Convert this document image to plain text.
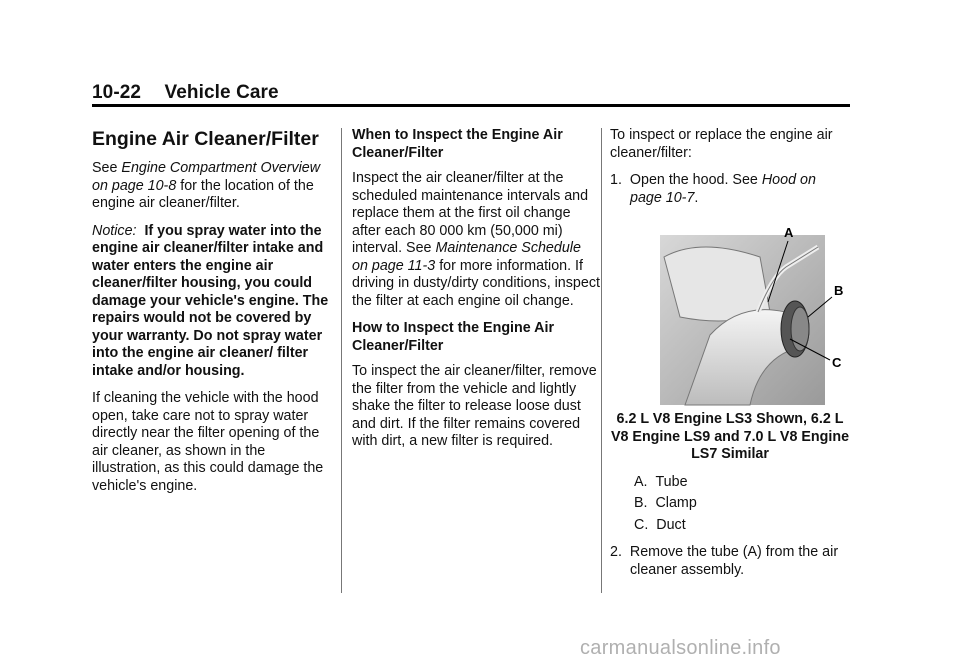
10-22 Vehicle Care
Engine Air Cleaner/Filter

See Engine Compartment Overview on page 10-8 for the location of the engine air cleaner/filter.

Notice: If you spray water into the engine air cleaner/filter intake and water enters the engine air cleaner/filter housing, you could damage your vehicle's engine. The repairs would not be covered by your warranty. Do not spray water into the engine air cleaner/ filter intake and/or housing.

If cleaning the vehicle with the hood open, take care not to spray water directly near the filter opening of the air cleaner, as shown in the illustration, as this could damage the vehicle's engine.

When to Inspect the Engine Air Cleaner/Filter

Inspect the air cleaner/filter at the scheduled maintenance intervals and replace them at the first oil change after each 80 000 km (50,000 mi) interval. See Maintenance Schedule on page 11-3 for more information. If driving in dusty/dirty conditions, inspect the filter at each engine oil change.

How to Inspect the Engine Air Cleaner/Filter

To inspect the air cleaner/filter, remove the filter from the vehicle and lightly shake the filter to release loose dust and dirt. If the filter remains covered with dirt, a new filter is required.

To inspect or replace the engine air cleaner/filter:

1. Open the hood. See Hood on page 10-7.

A
B
C
6.2 L V8 Engine LS3 Shown, 6.2 L V8 Engine LS9 and 7.0 L V8 Engine LS7 Similar
A. Tube
B. Clamp
C. Duct

2. Remove the tube (A) from the air cleaner assembly.

carmanualsonline.info
